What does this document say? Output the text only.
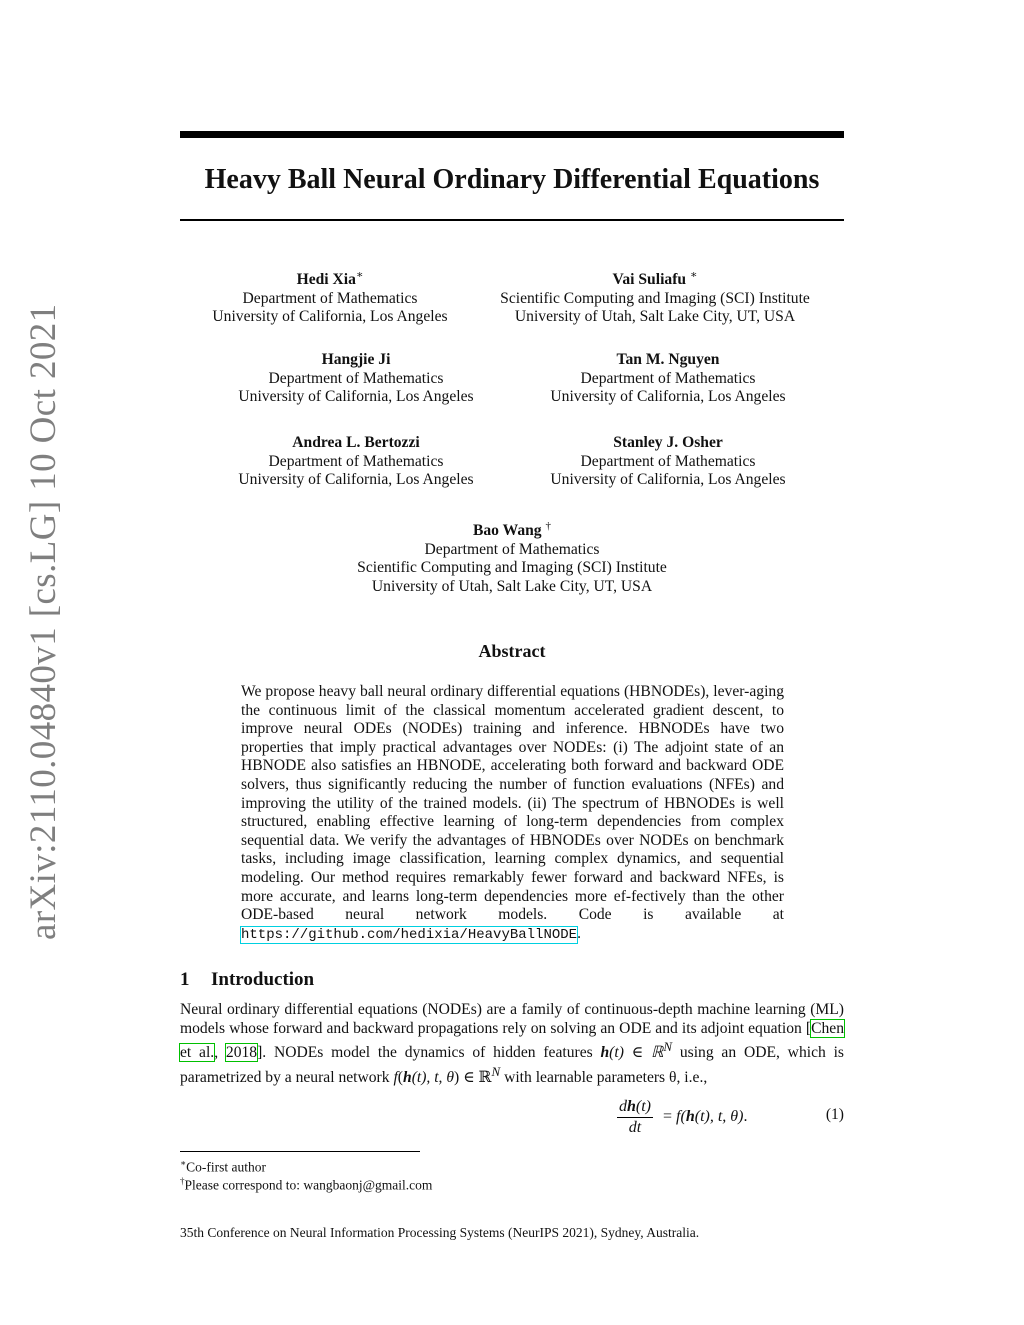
arXiv:2110.04840v1 [cs.LG] 10 Oct 2021
Heavy Ball Neural Ordinary Differential Equations
Hedi Xia∗
Department of Mathematics
University of California, Los Angeles
Vai Suliafu ∗
Scientific Computing and Imaging (SCI) Institute
University of Utah, Salt Lake City, UT, USA
Hangjie Ji
Department of Mathematics
University of California, Los Angeles
Tan M. Nguyen
Department of Mathematics
University of California, Los Angeles
Andrea L. Bertozzi
Department of Mathematics
University of California, Los Angeles
Stanley J. Osher
Department of Mathematics
University of California, Los Angeles
Bao Wang †
Department of Mathematics
Scientific Computing and Imaging (SCI) Institute
University of Utah, Salt Lake City, UT, USA
Abstract
We propose heavy ball neural ordinary differential equations (HBNODEs), lever-aging the continuous limit of the classical momentum accelerated gradient descent, to improve neural ODEs (NODEs) training and inference. HBNODEs have two properties that imply practical advantages over NODEs: (i) The adjoint state of an HBNODE also satisfies an HBNODE, accelerating both forward and backward ODE solvers, thus significantly reducing the number of function evaluations (NFEs) and improving the utility of the trained models. (ii) The spectrum of HBNODEs is well structured, enabling effective learning of long-term dependencies from complex sequential data. We verify the advantages of HBNODEs over NODEs on benchmark tasks, including image classification, learning complex dynamics, and sequential modeling. Our method requires remarkably fewer forward and backward NFEs, is more accurate, and learns long-term dependencies more ef-fectively than the other ODE-based neural network models. Code is available at https://github.com/hedixia/HeavyBallNODE.
1 Introduction
Neural ordinary differential equations (NODEs) are a family of continuous-depth machine learning (ML) models whose forward and backward propagations rely on solving an ODE and its adjoint equation [Chen et al., 2018]. NODEs model the dynamics of hidden features h(t) ∈ ℝ$^N$ using an ODE, which is parametrized by a neural network f(h(t), t, θ) ∈ ℝ$^N$ with learnable parameters θ, i.e.,
$\frac{dh(t)}{dt} = f$( h (t), t, θ) .	(1)
∗Co-first author
†Please correspond to: wangbaonj@gmail.com
35th Conference on Neural Information Processing Systems (NeurIPS 2021), Sydney, Australia.
